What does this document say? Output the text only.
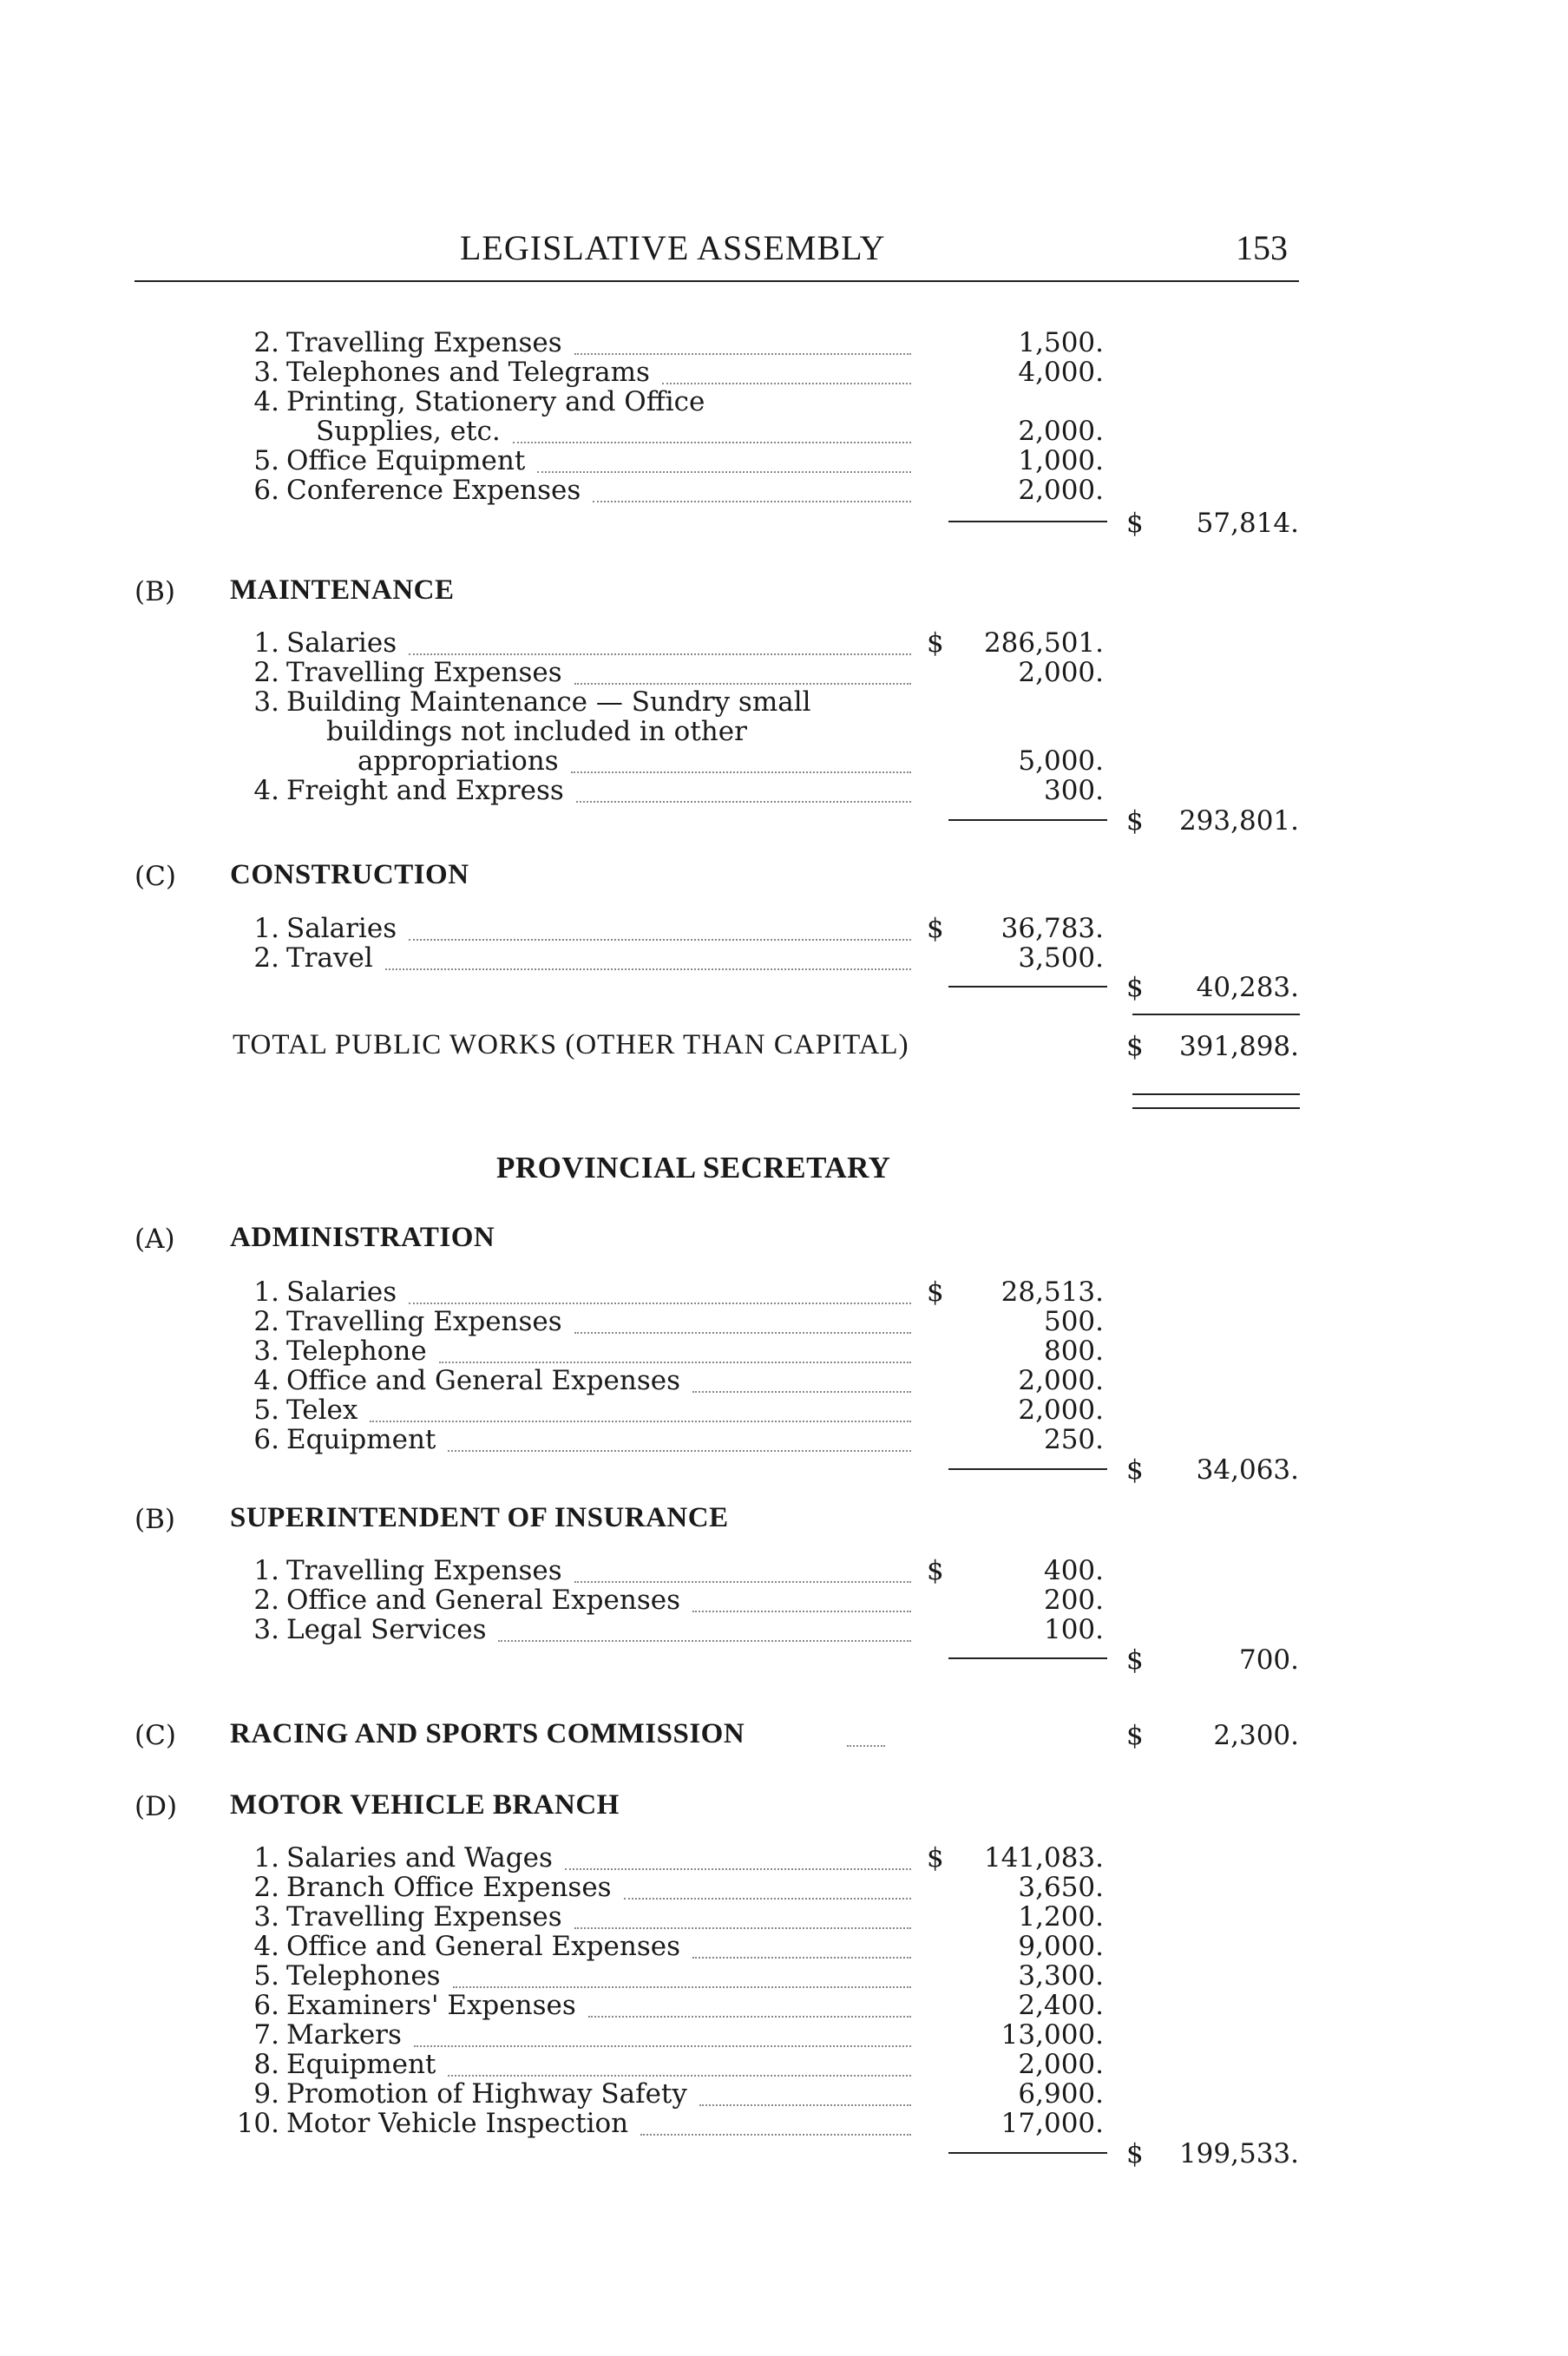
LEGISLATIVE ASSEMBLY	153
2. Travelling Expenses	1,500.
3. Telephones and Telegrams	4,000.
4. Printing, Stationery and Office
Supplies, etc.	2,000.
5. Office Equipment	1,000.
6. Conference Expenses	2,000.
$	57,814.
(B) MAINTENANCE
1. Salaries	$	286,501.
2. Travelling Expenses	2,000.
3. Building Maintenance — Sundry small
buildings not included in other
appropriations	5,000.
4. Freight and Express	300.
$	293,801.
(C) CONSTRUCTION
1. Salaries	$	36,783.
2. Travel	3,500.
$	40,283.
TOTAL PUBLIC WORKS (OTHER THAN CAPITAL)	$	391,898.
PROVINCIAL SECRETARY
(A) ADMINISTRATION
1. Salaries	$	28,513.
2. Travelling Expenses	500.
3. Telephone	800.
4. Office and General Expenses	2,000.
5. Telex	2,000.
6. Equipment	250.
$	34,063.
(B) SUPERINTENDENT OF INSURANCE
1. Travelling Expenses	$	400.
2. Office and General Expenses	200.
3. Legal Services	100.
$	700.
(C) RACING AND SPORTS COMMISSION	$	2,300.
(D) MOTOR VEHICLE BRANCH
1. Salaries and Wages	$	141,083.
2. Branch Office Expenses	3,650.
3. Travelling Expenses	1,200.
4. Office and General Expenses	9,000.
5. Telephones	3,300.
6. Examiners' Expenses	2,400.
7. Markers	13,000.
8. Equipment	2,000.
9. Promotion of Highway Safety	6,900.
10. Motor Vehicle Inspection	17,000.
$	199,533.
